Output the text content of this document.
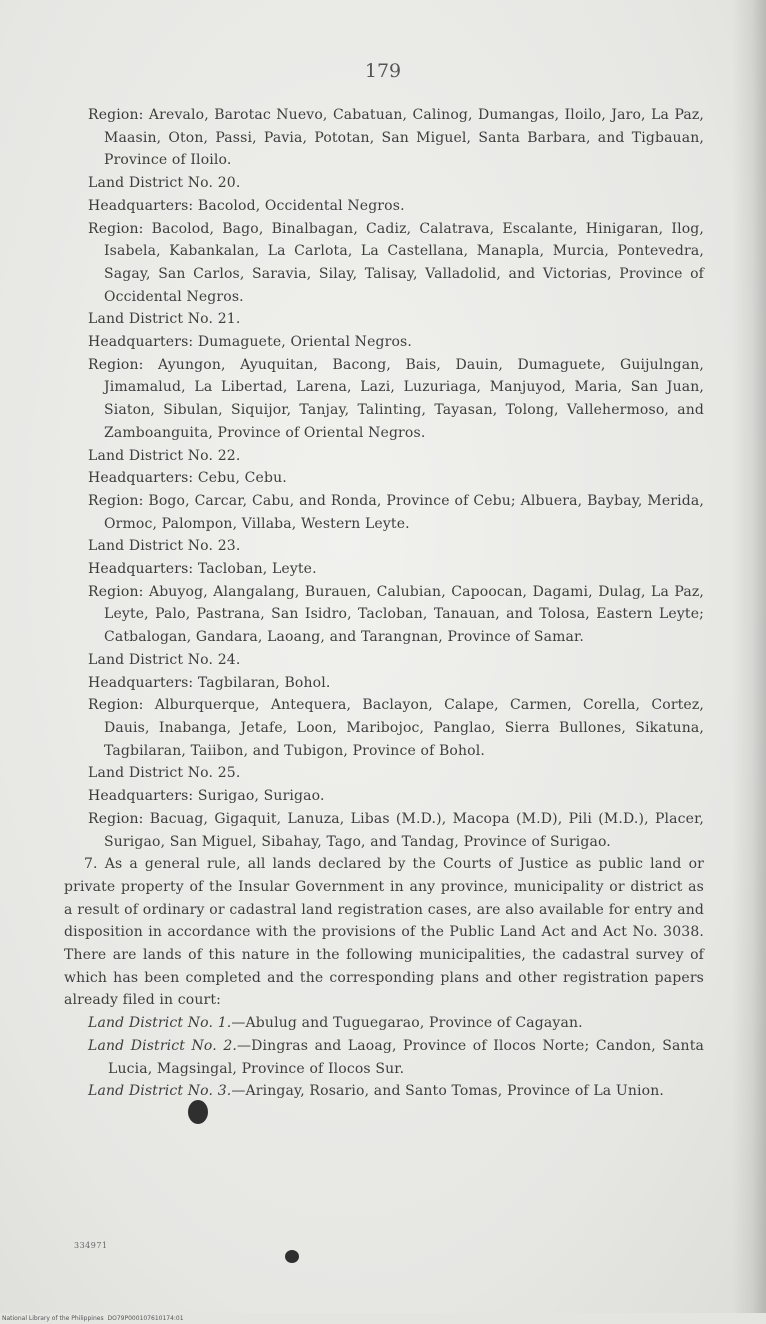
179

Region: Arevalo, Barotac Nuevo, Cabatuan, Calinog, Dumangas, Iloilo, Jaro, La Paz, Maasin, Oton, Passi, Pavia, Pototan, San Miguel, Santa Barbara, and Tigbauan, Province of Iloilo.

Land District No. 20.

Headquarters: Bacolod, Occidental Negros.

Region: Bacolod, Bago, Binalbagan, Cadiz, Calatrava, Escalante, Hinigaran, Ilog, Isabela, Kabankalan, La Carlota, La Castellana, Manapla, Murcia, Pontevedra, Sagay, San Carlos, Saravia, Silay, Talisay, Valladolid, and Victorias, Province of Occidental Negros.

Land District No. 21.

Headquarters: Dumaguete, Oriental Negros.

Region: Ayungon, Ayuquitan, Bacong, Bais, Dauin, Dumaguete, Guijulngan, Jimamalud, La Libertad, Larena, Lazi, Luzuriaga, Manjuyod, Maria, San Juan, Siaton, Sibulan, Siquijor, Tanjay, Talinting, Tayasan, Tolong, Vallehermoso, and Zamboanguita, Province of Oriental Negros.

Land District No. 22.

Headquarters: Cebu, Cebu.

Region: Bogo, Carcar, Cabu, and Ronda, Province of Cebu; Albuera, Baybay, Merida, Ormoc, Palompon, Villaba, Western Leyte.

Land District No. 23.

Headquarters: Tacloban, Leyte.

Region: Abuyog, Alangalang, Burauen, Calubian, Capoocan, Dagami, Dulag, La Paz, Leyte, Palo, Pastrana, San Isidro, Tacloban, Tanauan, and Tolosa, Eastern Leyte; Catbalogan, Gandara, Laoang, and Tarangnan, Province of Samar.

Land District No. 24.

Headquarters: Tagbilaran, Bohol.

Region: Alburquerque, Antequera, Baclayon, Calape, Carmen, Corella, Cortez, Dauis, Inabanga, Jetafe, Loon, Maribojoc, Panglao, Sierra Bullones, Sikatuna, Tagbilaran, Taiibon, and Tubigon, Province of Bohol.

Land District No. 25.

Headquarters: Surigao, Surigao.

Region: Bacuag, Gigaquit, Lanuza, Libas (M.D.), Macopa (M.D), Pili (M.D.), Placer, Surigao, San Miguel, Sibahay, Tago, and Tandag, Province of Surigao.

7. As a general rule, all lands declared by the Courts of Justice as public land or private property of the Insular Government in any province, municipality or district as a result of ordinary or cadastral land registration cases, are also available for entry and disposition in accordance with the provisions of the Public Land Act and Act No. 3038. There are lands of this nature in the following municipalities, the cadastral survey of which has been completed and the corresponding plans and other registration papers already filed in court:

Land District No. 1.—Abulug and Tuguegarao, Province of Cagayan.

Land District No. 2.—Dingras and Laoag, Province of Ilocos Norte; Candon, Santa Lucia, Magsingal, Province of Ilocos Sur.

Land District No. 3.—Aringay, Rosario, and Santo Tomas, Province of La Union.

334971
National Library of the Philippines DO79P000107610174:01
